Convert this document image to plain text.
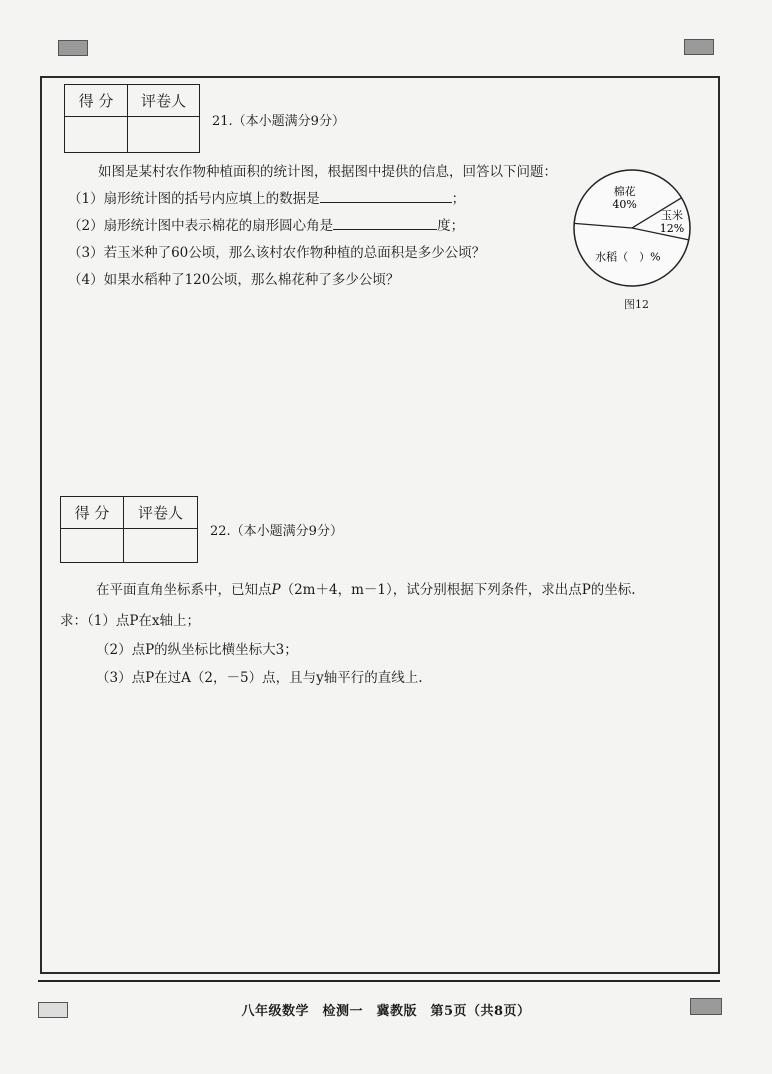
得 分	评卷人

21.（本小题满分9分）
如图是某村农作物种植面积的统计图，根据图中提供的信息，回答以下问题：
（1）扇形统计图的括号内应填上的数据是	；
（2）扇形统计图中表示棉花的扇形圆心角是	度；
（3）若玉米种了60公顷，那么该村农作物种植的总面积是多少公顷？
（4）如果水稻种了120公顷，那么棉花种了多少公顷？
棉花
40%
玉米
12%
水稻（　）%
图12
得 分	评卷人

22.（本小题满分9分）
在平面直角坐标系中，已知点P（2m＋4，m－1），试分别根据下列条件，求出点P的坐标.
求：（1）点P在x轴上；
（2）点P的纵坐标比横坐标大3；
（3）点P在过A（2，－5）点，且与y轴平行的直线上.
八年级数学　检测一　冀教版　第5页（共8页）
